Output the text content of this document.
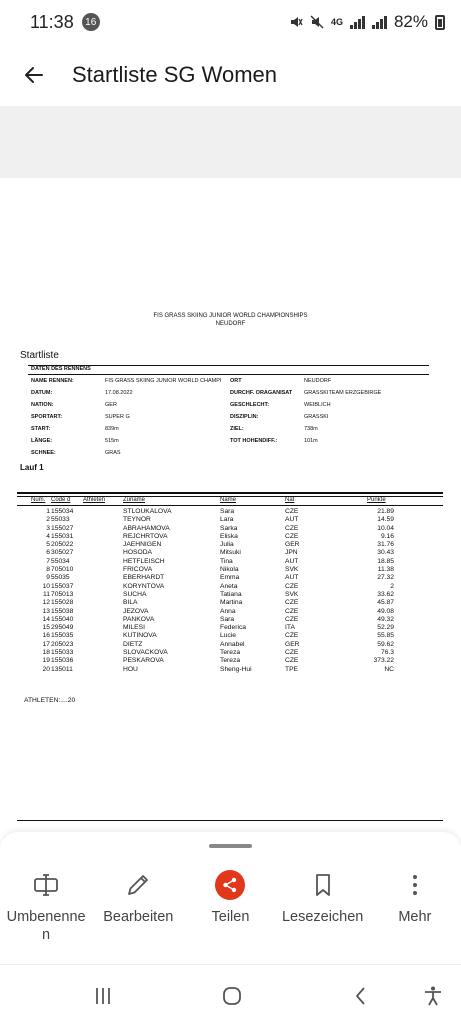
11:38	16	4G	82%
Startliste SG Women
FIS GRASS SKIING JUNIOR WORLD CHAMPIONSHIPS
NEUDORF
Startliste
DATEN DES RENNENS
NAME RENNEN:	FIS GRASS SKIING JUNIOR WORLD CHAMPI ORT	NEUDORF
DATUM:	17.08.2022	DURCHF. ORAGANISAT GRASSKITEAM ERZGEBIRGE
NATION:	GER	GESCHLECHT:	WEIBLICH
SPORTART:	SUPER G	DISZIPLIN:	GRASSKI
START:	839m	ZIEL:	738m
LÄNGE:	515m	TOT HOHENDIFF.:	101m
SCHNEE:	GRAS
Lauf 1
Num. Code d Athleten	Zuname	Name	Nat	Punkte
1 155034	STLOUKALOVA	Sara	CZE	21.89
2 55033	TEYNOR	Lara	AUT	14.59
3 155027	ABRAHAMOVA	Sarka	CZE	10.04
4 155031	REJCHRTOVA	Eliska	CZE	9.16
5 205022	JAEHNIGEN	Julia	GER	31.76
6 305027	HOSODA	Mitsuki	JPN	30.43
7 55034	HETFLEISCH	Tina	AUT	18.85
8 705010	FRICOVA	Nikola	SVK	11.38
9 55035	EBERHARDT	Emma	AUT	27.32
10 155037	KORYNTOVA	Aneta	CZE	2
11 705013	SUCHA	Tatiana	SVK	33.62
12 155028	BILA	Martina	CZE	45.87
13 155038	JEZOVA	Anna	CZE	49.08
14 155040	PANKOVA	Sara	CZE	49.32
15 295049	MILESI	Federica	ITA	52.29
16 155035	KUTINOVA	Lucie	CZE	55.85
17 205023	DIETZ	Annabel	GER	59.62
18 155033	SLOVACKOVA	Tereza	CZE	76.3
19 155036	PESKAROVA	Tereza	CZE	373.22
20 135011	HOU	Sheng-Hui	TPE	NC
ATHLETEN:....20
Umbenennen
Bearbeiten	Teilen	Lesezeichen	Mehr
